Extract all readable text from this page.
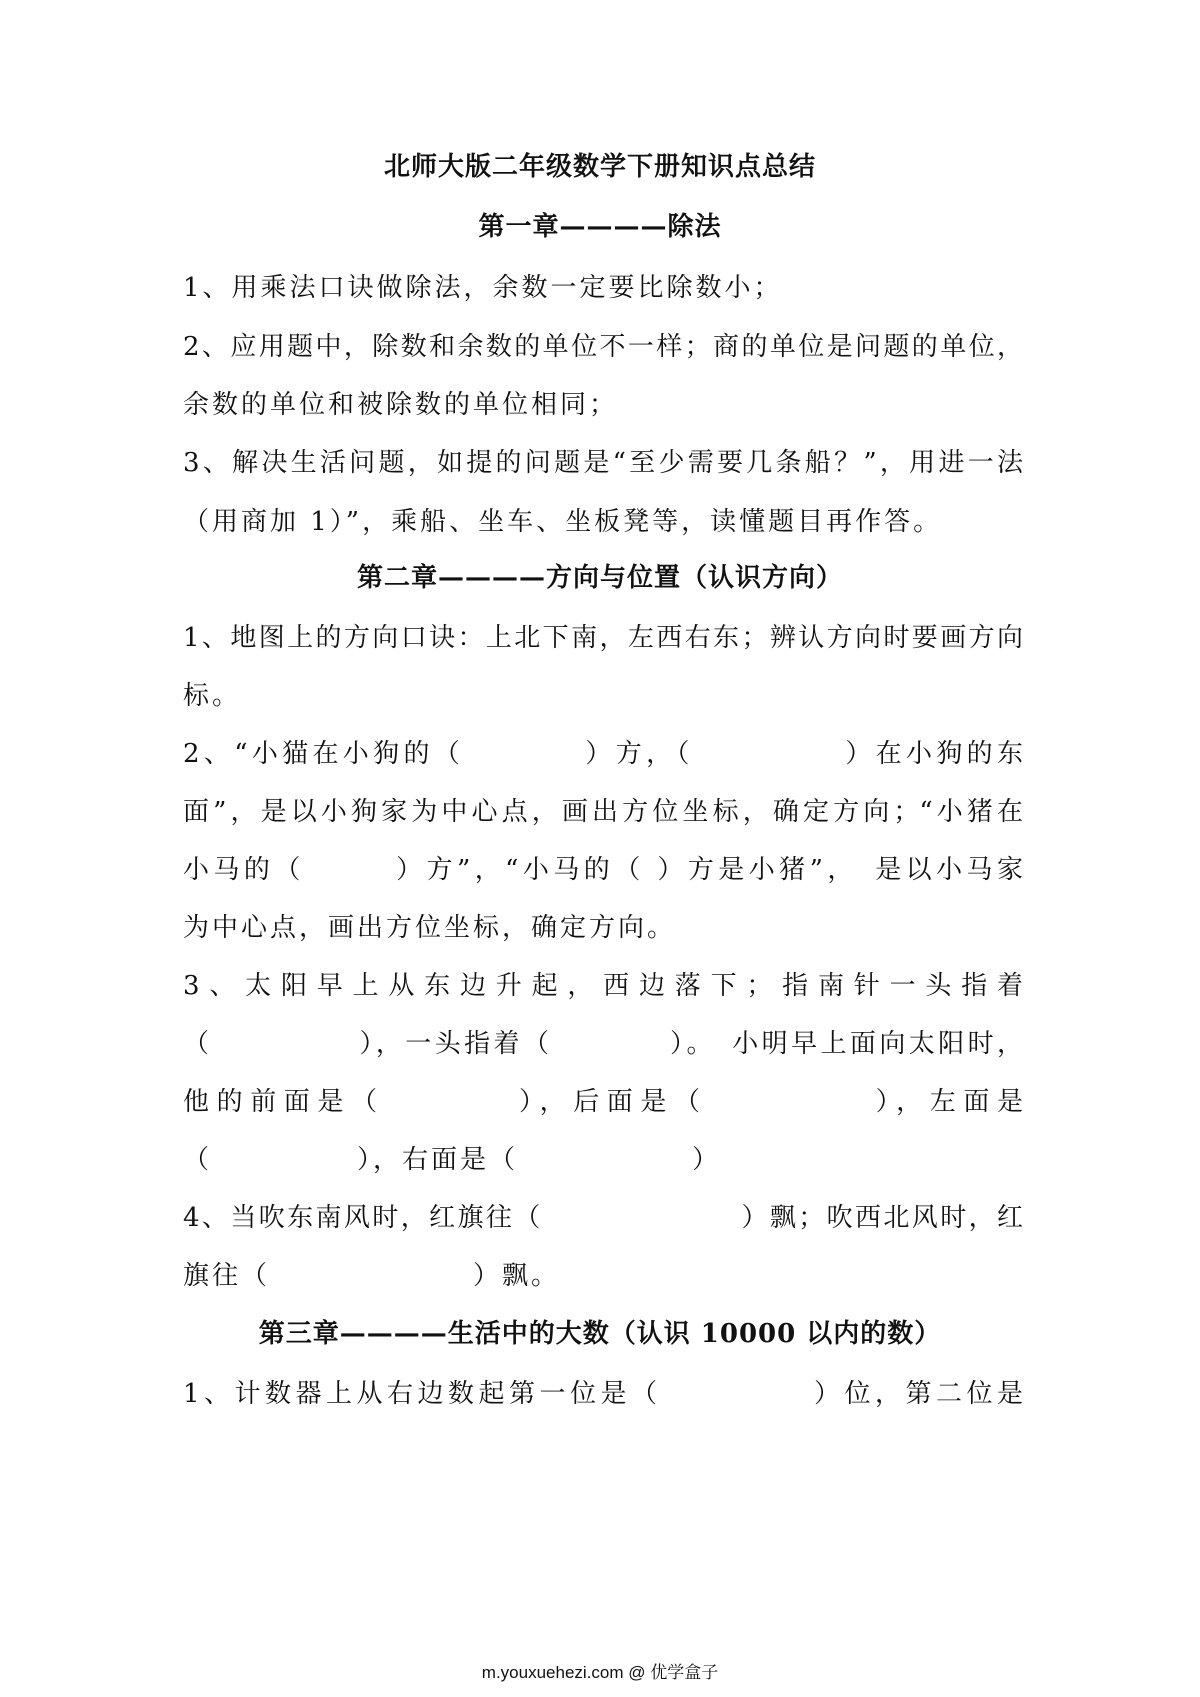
北师大版二年级数学下册知识点总结
第一章————除法
1、用乘法口诀做除法，余数一定要比除数小；
2、应用题中，除数和余数的单位不一样；商的单位是问题的单位，
余数的单位和被除数的单位相同；
3、解决生活问题，如提的问题是“至少需要几条船？”，用进一法
（用商加 1）”，乘船、坐车、坐板凳等，读懂题目再作答。
第二章————方向与位置（认识方向）
1、地图上的方向口诀：上北下南，左西右东；辨认方向时要画方向
标。
2、“小猫在小狗的（　　　　）方，（　　　　　）在小狗的东
面”，是以小狗家为中心点，画出方位坐标，确定方向；“小猪在
小马的（　　　）方”，“小马的（ ）方是小猪”，　是以小马家
为中心点，画出方位坐标，确定方向。
3、太阳早上从东边升起，西边落下；指南针一头指着
（　　　　　），一头指着（　　　　）。　小明早上面向太阳时，
他的前面是（　　　　），后面是（　　　　　），左面是
（　　　　　），右面是（　　　　　　）
4、当吹东南风时，红旗往（　　　　　　　）飘；吹西北风时，红
旗往（　　　　　　　）飘。
第三章————生活中的大数（认识 10000 以内的数）
1、计数器上从右边数起第一位是（　　　　　）位，第二位是
m.youxuehezi.com @ 优学盒子
